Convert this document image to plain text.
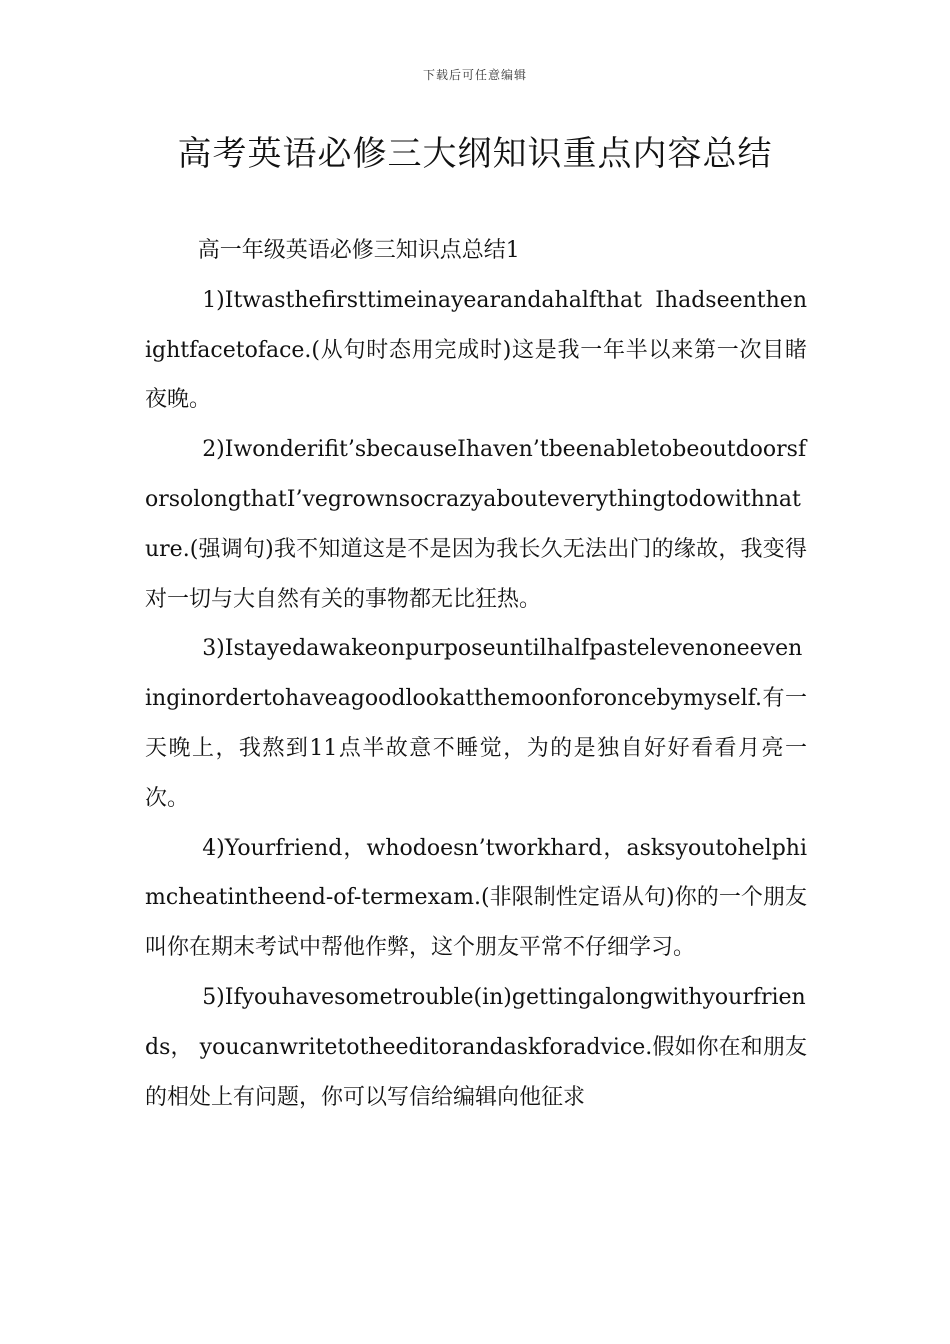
下载后可任意编辑
高考英语必修三大纲知识重点内容总结

高一年级英语必修三知识点总结1

1)Itwasthefirsttimeinayearandahalfthat Ihadseenthenightfacetoface.(从句时态用完成时)这是我一年半以来第一次目睹夜晚。

2)Iwonderifit’sbecauseIhaven’tbeenabletobeoutdoorsforsolongthatI’vegrownsocrazyabouteverythingtodowithnature.(强调句)我不知道这是不是因为我长久无法出门的缘故，我变得对一切与大自然有关的事物都无比狂热。

3)Istayedawakeonpurposeuntilhalfpastelevenoneeveninginordertohaveagoodlookatthemoonforoncebymyself.有一天晚上，我熬到11点半故意不睡觉，为的是独自好好看看月亮一次。

4)Yourfriend，whodoesn’tworkhard，asksyoutohelphimcheatintheend-of-termexam.(非限制性定语从句)你的一个朋友叫你在期末考试中帮他作弊，这个朋友平常不仔细学习。

5)Ifyouhavesometrouble(in)gettingalongwithyourfriends， youcanwritetotheeditorandaskforadvice.假如你在和朋友的相处上有问题，你可以写信给编辑向他征求
